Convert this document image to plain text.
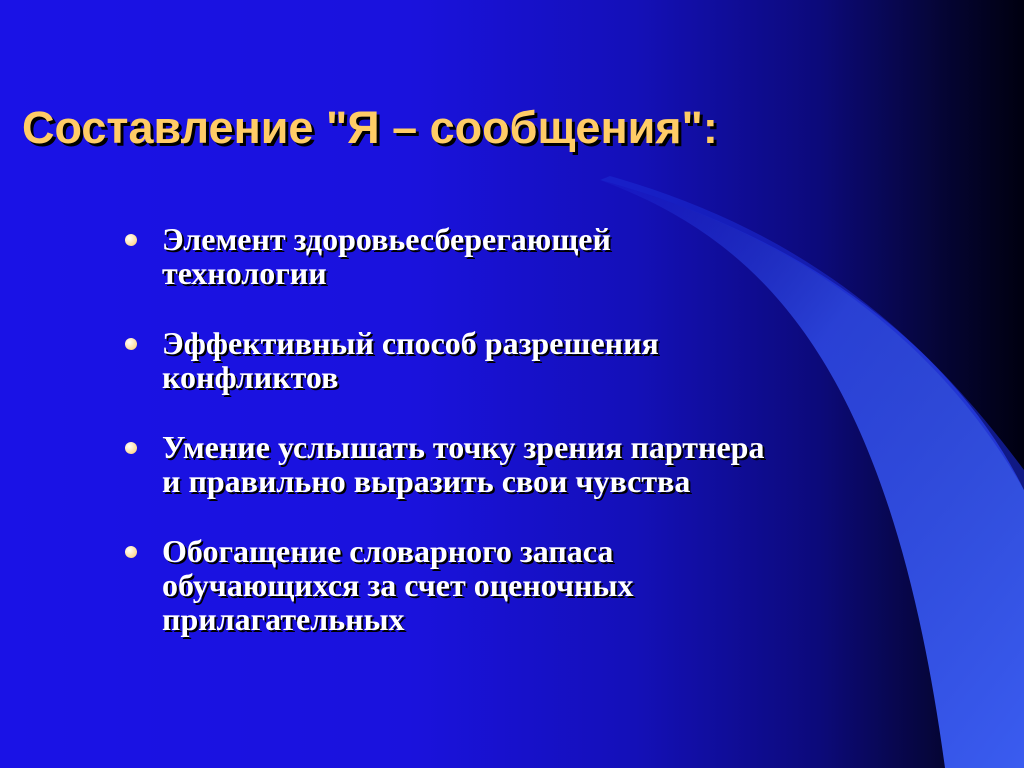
Составление "Я – сообщения":
Элемент здоровьесберегающей
технологии
Эффективный способ разрешения
конфликтов
Умение услышать точку зрения партнера
и правильно выразить свои чувства
Обогащение словарного запаса
обучающихся за счет оценочных
прилагательных
